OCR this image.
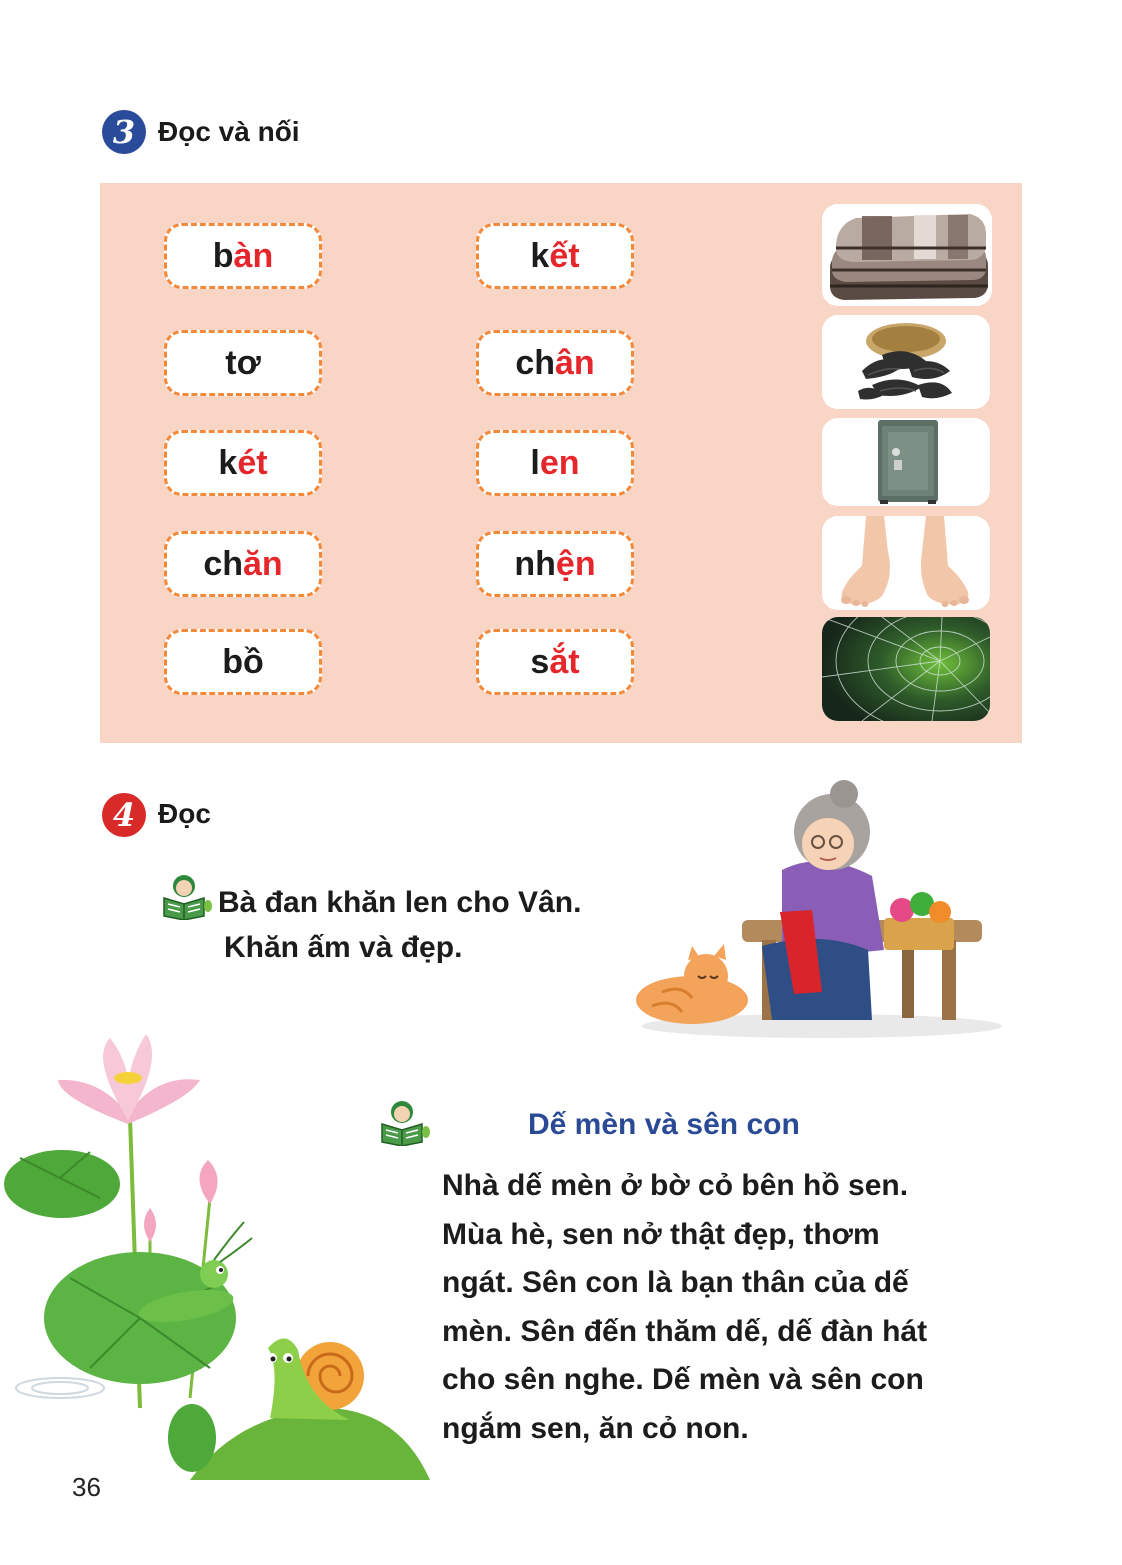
3 Đọc và nối
bàn
tơ
két
chăn
bồ
kết
chân
len
nhện
sắt
4 Đọc
Bà đan khăn len cho Vân.
Khăn ấm và đẹp.
Dế mèn và sên con

Nhà dế mèn ở bờ cỏ bên hồ sen.

Mùa hè, sen nở thật đẹp, thơm

ngát. Sên con là bạn thân của dế

mèn. Sên đến thăm dế, dế đàn hát

cho sên nghe. Dế mèn và sên con

ngắm sen, ăn cỏ non.

36
